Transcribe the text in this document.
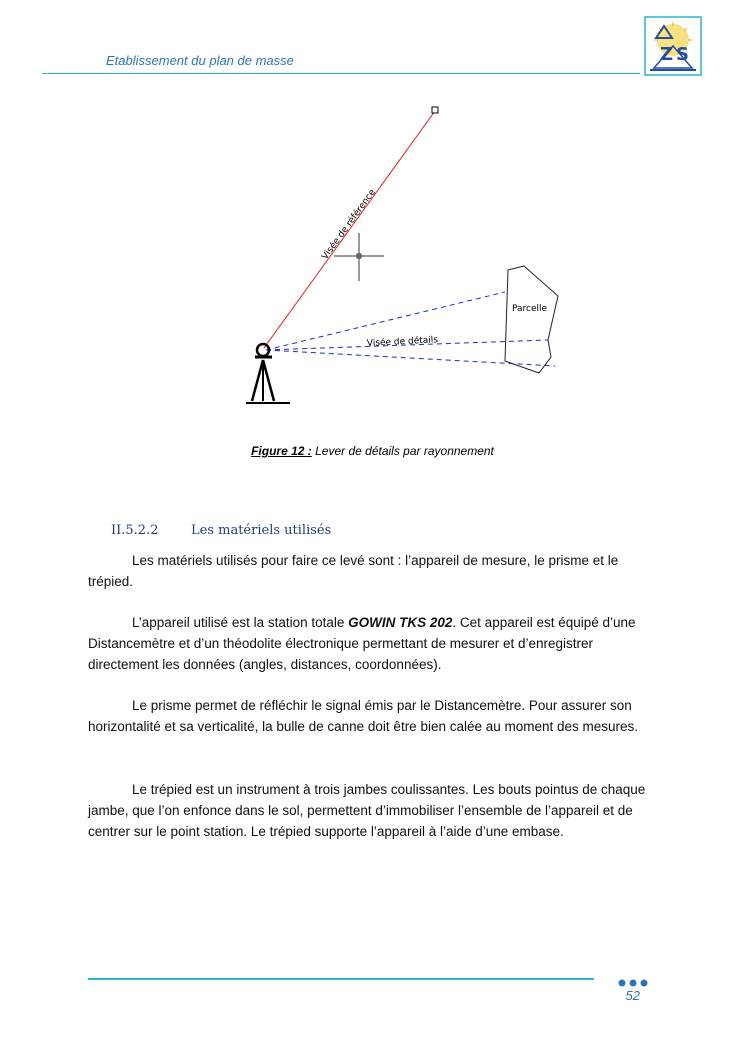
Etablissement du plan de masse	Z S
Visée de référence
Parcelle
Visée de détails
Figure 12 : Lever de détails par rayonnement
II.5.2.2	Les matériels utilisés

Les matériels utilisés pour faire ce levé sont : l’appareil de mesure, le prisme et le trépied.

L’appareil utilisé est la station totale GOWIN TKS 202. Cet appareil est équipé d’une Distancemètre et d’un théodolite électronique permettant de mesurer et d’enregistrer directement les données (angles, distances, coordonnées).

Le prisme permet de réfléchir le signal émis par le Distancemètre. Pour assurer son horizontalité et sa verticalité, la bulle de canne doit être bien calée au moment des mesures.

Le trépied est un instrument à trois jambes coulissantes. Les bouts pointus de chaque jambe, que l’on enfonce dans le sol, permettent d’immobiliser l’ensemble de l’appareil et de centrer sur le point station. Le trépied supporte l’appareil à l’aide d’une embase.

52
